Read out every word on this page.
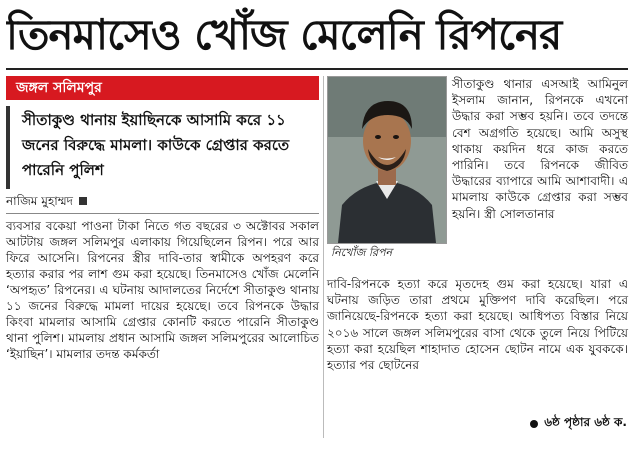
তিনমাসেও খোঁজ মেলেনি রিপনের
জঙ্গল সলিমপুর
সীতাকুণ্ড থানায় ইয়াছিনকে আসামি করে ১১ জনের বিরুদ্ধে মামলা। কাউকে গ্রেপ্তার করতে পারেনি পুলিশ
নাজিম মুহাম্মদ
ব্যবসার বকেয়া পাওনা টাকা নিতে গত বছরের ৩ অক্টোবর সকাল আটটায় জঙ্গল সলিমপুর এলাকায় গিয়েছিলেন রিপন। পরে আর ফিরে আসেনি। রিপনের স্ত্রীর দাবি-তার স্বামীকে অপহরণ করে হত্যার করার পর লাশ গুম করা হয়েছে। তিনমাসেও খোঁজ মেলেনি ‘অপহৃত’ রিপনের। এ ঘটনায় আদালতের নির্দেশে সীতাকুণ্ড থানায় ১১ জনের বিরুদ্ধে মামলা দায়ের হয়েছে। তবে রিপনকে উদ্ধার কিংবা মামলার আসামি গ্রেপ্তার কোনটি করতে পারেনি সীতাকুণ্ড থানা পুলিশ। মামলায় প্রধান আসামি জঙ্গল সলিমপুরের আলোচিত ‘ইয়াছিন’। মামলার তদন্ত কর্মকর্তা
নিখোঁজ রিপন
সীতাকুণ্ড থানার এসআই আমিনুল ইসলাম জানান, রিপনকে এখনো উদ্ধার করা সম্ভব হয়নি। তবে তদন্তে বেশ অগ্রগতি হয়েছে। আমি অসুস্থ থাকায় কয়দিন ধরে কাজ করতে পারিনি। তবে রিপনকে জীবিত উদ্ধারের ব্যাপারে আমি আশাবাদী। এ মামলায় কাউকে গ্রেপ্তার করা সম্ভব হয়নি। স্ত্রী সোলতানার
দাবি-রিপনকে হত্যা করে মৃতদেহ গুম করা হয়েছে। যারা এ ঘটনায় জড়িত তারা প্রথমে মুক্তিপণ দাবি করেছিল। পরে জানিয়েছে-রিপনকে হত্যা করা হয়েছে। আধিপত্য বিস্তার নিয়ে ২০১৬ সালে জঙ্গল সলিমপুরের বাসা থেকে তুলে নিয়ে পিটিয়ে হত্যা করা হয়েছিল শাহাদাত হোসেন ছোটন নামে এক যুবককে। হত্যার পর ছোটনের
৬ষ্ঠ পৃষ্ঠার ৬ষ্ঠ ক.
